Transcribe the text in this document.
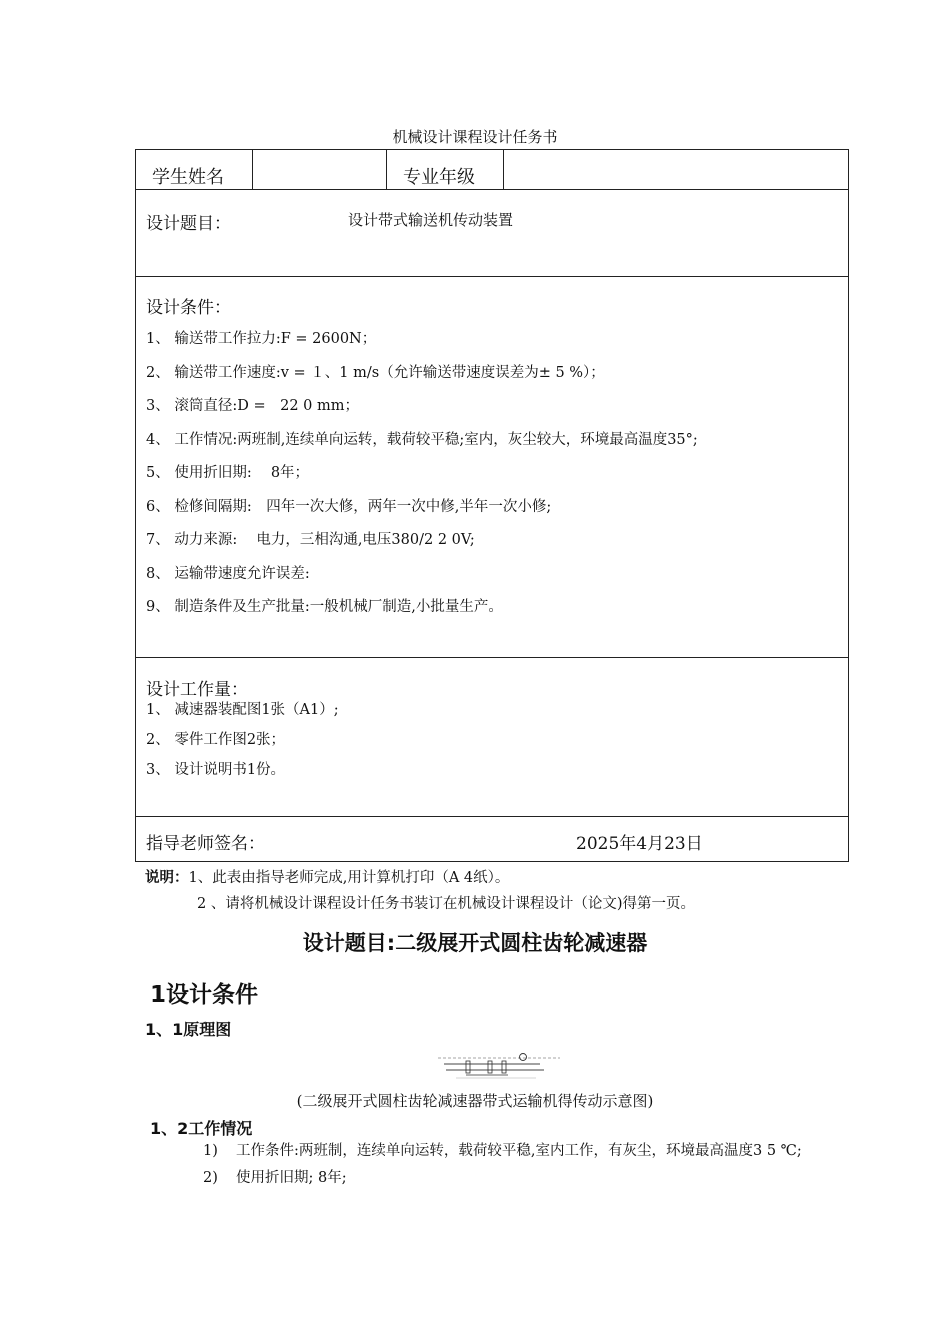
机械设计课程设计任务书
学生姓名		专业年级

设计题目：	设计带式输送机传动装置

设计条件：
1、 输送带工作拉力:F = 2600N；
2、 输送带工作速度:v = １、1 m/s（允许输送带速度误差为± 5 %）；
3、 滚筒直径:D =　22 0 mm；
4、 工作情况:两班制,连续单向运转，载荷较平稳;室内，灰尘较大，环境最高温度35°;
5、 使用折旧期:　 8年；
6、 检修间隔期:　四年一次大修，两年一次中修,半年一次小修;
7、 动力来源:　 电力，三相沟通,电压380/2 2 0V;
8、 运输带速度允许误差:
9、 制造条件及生产批量:一般机械厂制造,小批量生产。

设计工作量：
1、 减速器装配图1张（A1）;
2、 零件工作图2张；
3、 设计说明书1份。

指导老师签名：	2025年4月23日
说明：1、此表由指导老师完成,用计算机打印（A 4纸）。
2 、请将机械设计课程设计任务书装订在机械设计课程设计（论文)得第一页。
设计题目:二级展开式圆柱齿轮减速器
1设计条件
1、1原理图
(二级展开式圆柱齿轮减速器带式运输机得传动示意图)
1、2工作情况
1) 工作条件:两班制，连续单向运转，载荷较平稳,室内工作，有灰尘，环境最高温度3 5 ℃;
2) 使用折旧期; 8年;
